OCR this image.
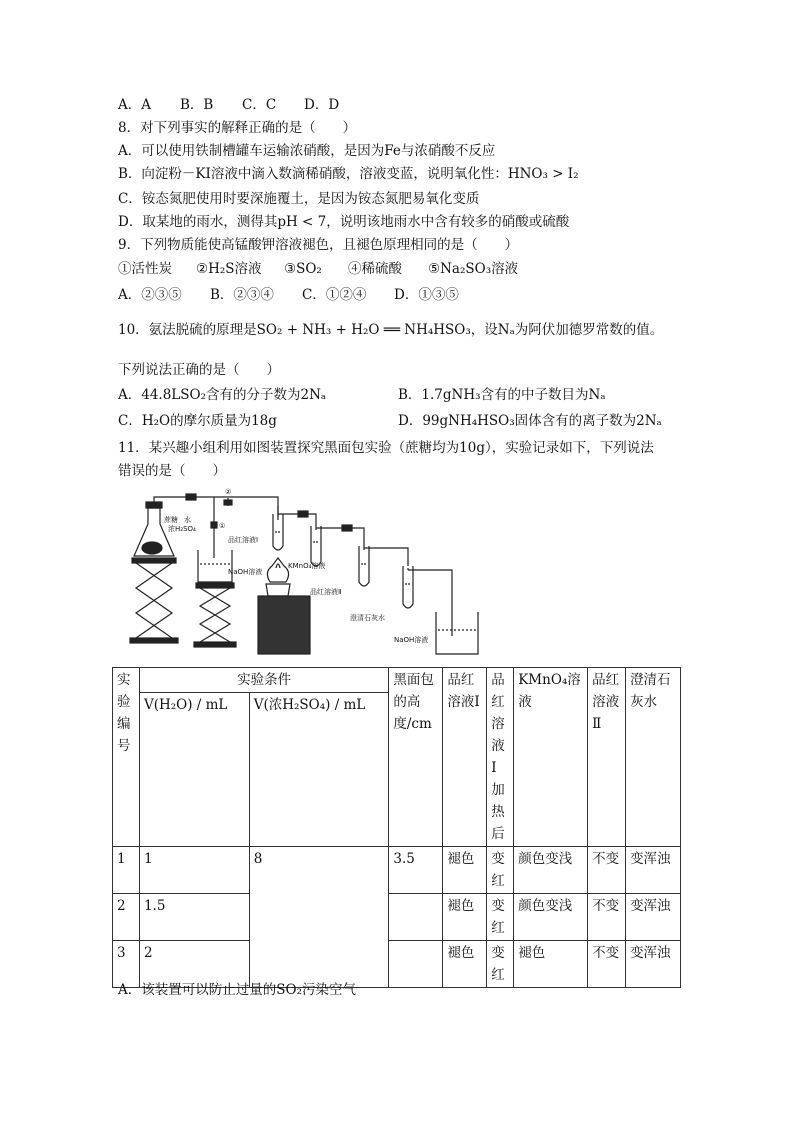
A．A B．B C．C D．D
8．对下列事实的解释正确的是（　　）
A．可以使用铁制槽罐车运输浓硝酸，是因为Fe与浓硝酸不反应
B．向淀粉－KI溶液中滴入数滴稀硝酸，溶液变蓝，说明氧化性：HNO₃ > I₂
C．铵态氮肥使用时要深施覆土，是因为铵态氮肥易氧化变质
D．取某地的雨水，测得其pH < 7，说明该地雨水中含有较多的硝酸或硫酸
9．下列物质能使高锰酸钾溶液褪色，且褪色原理相同的是（　　）
①活性炭 ②H₂S溶液 ③SO₂ ④稀硫酸 ⑤Na₂SO₃溶液
A．②③⑤ B．②③④ C．①②④ D．①③⑤
10．氨法脱硫的原理是SO₂ + NH₃ + H₂O ══ NH₄HSO₃，设Nₐ为阿伏加德罗常数的值。
下列说法正确的是（　　）
A．44.8LSO₂含有的分子数为2Nₐ	B．1.7gNH₃含有的中子数目为Nₐ
C．H₂O的摩尔质量为18g	D．99gNH₄HSO₃固体含有的离子数为2Nₐ
11．某兴趣小组利用如图装置探究黑面包实验（蔗糖均为10g），实验记录如下，下列说法
错误的是（　　）
蔗糖 水
浓H₂SO₄	①
②
NaOH溶液
品红溶液Ⅰ
KMnO₄溶液
品红溶液Ⅱ
澄清石灰水
NaOH溶液
实验编号	实验条件		黑面包的高度/cm	品红溶液Ⅰ	品红溶液Ⅰ加热后	KMnO₄溶液	品红溶液Ⅱ	澄清石灰水
	V(H₂O) / mL	V(浓H₂SO₄) / mL						
1	1	8	3.5	褪色	变红	颜色变浅	不变	变浑浊
2	1.5			褪色	变红	颜色变浅	不变	变浑浊
3	2			褪色	变红	褪色	不变	变浑浊
A．该装置可以防止过量的SO₂污染空气
